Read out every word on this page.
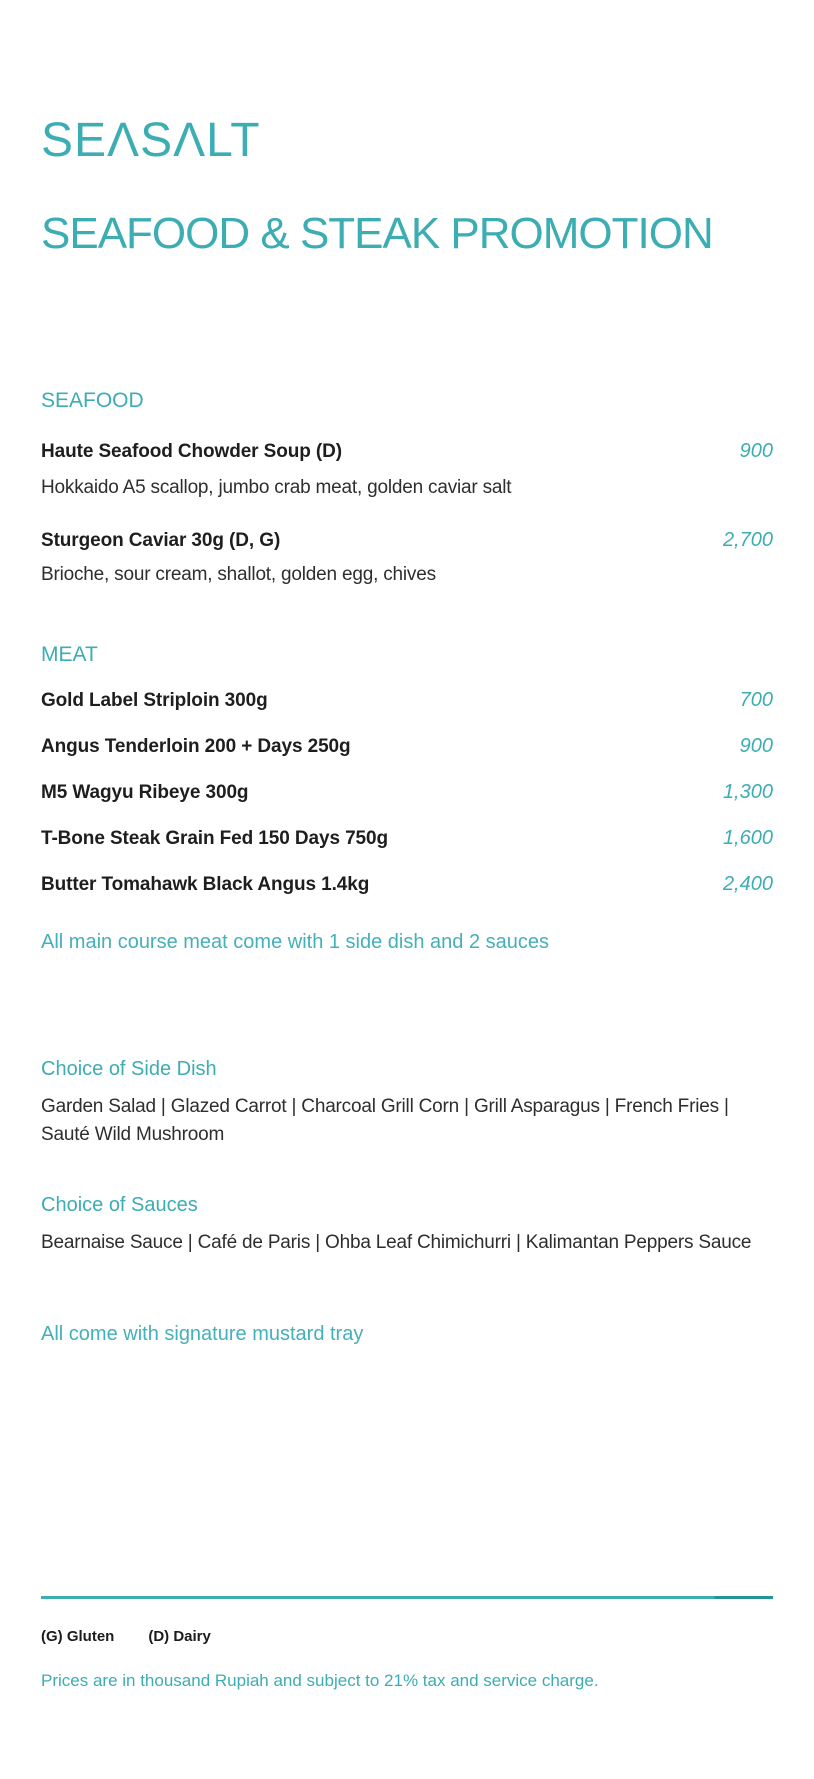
SEΛSΛLT
SEAFOOD & STEAK PROMOTION
SEAFOOD
Haute Seafood Chowder Soup (D)	900
Hokkaido A5 scallop, jumbo crab meat, golden caviar salt
Sturgeon Caviar 30g (D, G)	2,700
Brioche, sour cream, shallot, golden egg, chives
MEAT
Gold Label Striploin 300g	700
Angus Tenderloin 200 + Days 250g	900
M5 Wagyu Ribeye 300g	1,300
T-Bone Steak Grain Fed 150 Days 750g	1,600
Butter Tomahawk Black Angus 1.4kg	2,400
All main course meat come with 1 side dish and 2 sauces
Choice of Side Dish
Garden Salad | Glazed Carrot | Charcoal Grill Corn | Grill Asparagus | French Fries | Sauté Wild Mushroom
Choice of Sauces
Bearnaise Sauce | Café de Paris | Ohba Leaf Chimichurri | Kalimantan Peppers Sauce
All come with signature mustard tray
(G) Gluten (D) Dairy
Prices are in thousand Rupiah and subject to 21% tax and service charge.
